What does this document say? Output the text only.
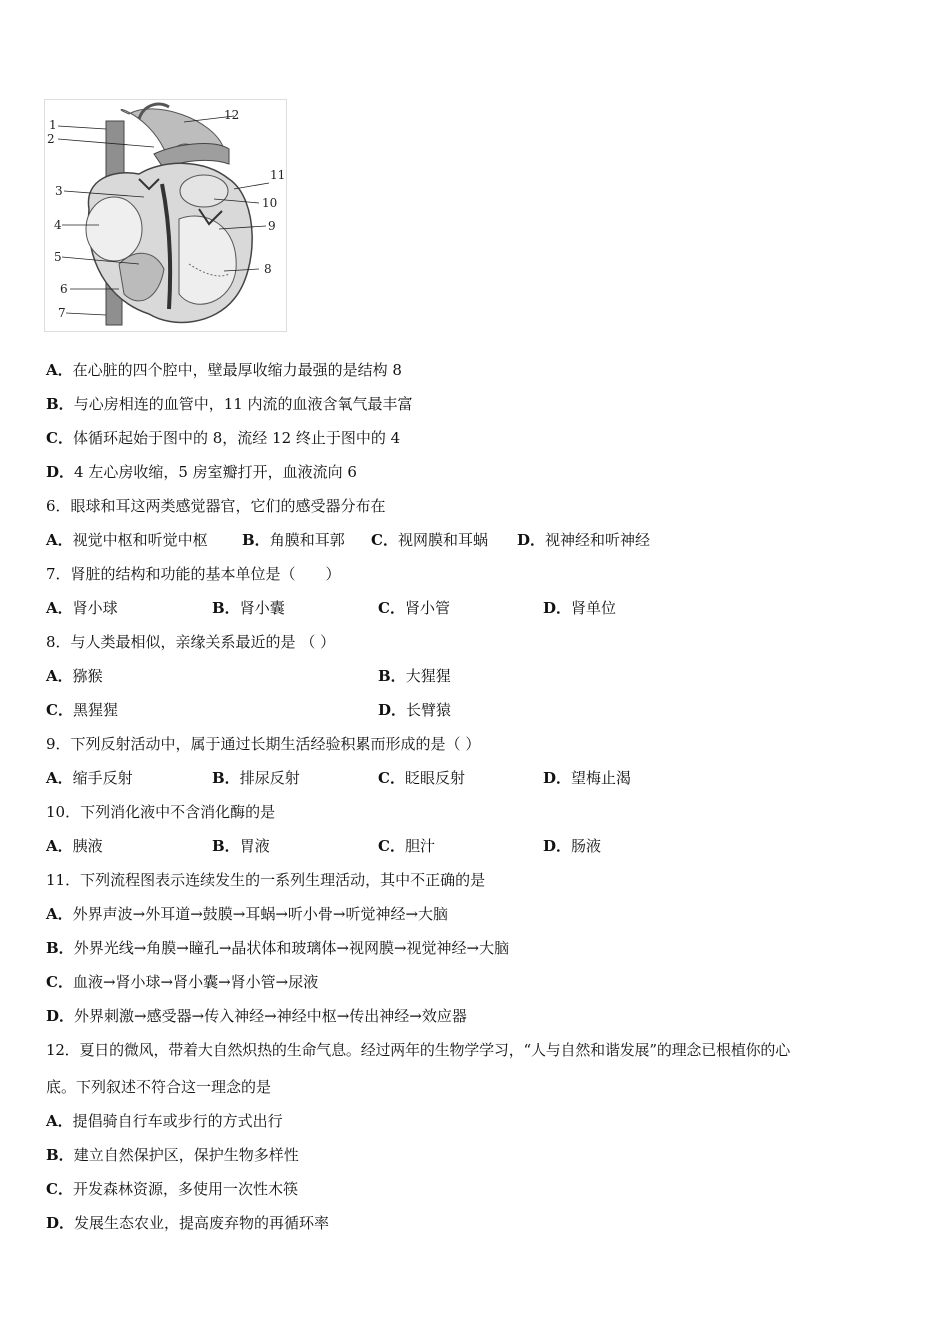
1
2
3
4
5
6
7
8
9
10
11
12
A．在心脏的四个腔中，壁最厚收缩力最强的是结构 8
B．与心房相连的血管中，11 内流的血液含氧气最丰富
C．体循环起始于图中的 8，流经 12 终止于图中的 4
D．4 左心房收缩，5 房室瓣打开，血液流向 6
6．眼球和耳这两类感觉器官，它们的感受器分布在
A．视觉中枢和听觉中枢 B．角膜和耳郭 C．视网膜和耳蜗 D．视神经和听神经
7．肾脏的结构和功能的基本单位是（　　）
A．肾小球	B．肾小囊	C．肾小管	D．肾单位
8．与人类最相似，亲缘关系最近的是 （ ）
A．猕猴	B．大猩猩
C．黑猩猩	D．长臂猿
9．下列反射活动中，属于通过长期生活经验积累而形成的是（ ）
A．缩手反射	B．排尿反射	C．眨眼反射	D．望梅止渴
10．下列消化液中不含消化酶的是
A．胰液	B．胃液	C．胆汁	D．肠液
11．下列流程图表示连续发生的一系列生理活动，其中不正确的是
A．外界声波→外耳道→鼓膜→耳蜗→听小骨→听觉神经→大脑
B．外界光线→角膜→瞳孔→晶状体和玻璃体→视网膜→视觉神经→大脑
C．血液→肾小球→肾小囊→肾小管→尿液
D．外界刺激→感受器→传入神经→神经中枢→传出神经→效应器
12．夏日的微风，带着大自然炽热的生命气息。经过两年的生物学学习，“人与自然和谐发展”的理念已根植你的心
底。下列叙述不符合这一理念的是
A．提倡骑自行车或步行的方式出行
B．建立自然保护区，保护生物多样性
C．开发森林资源，多使用一次性木筷
D．发展生态农业，提高废弃物的再循环率
